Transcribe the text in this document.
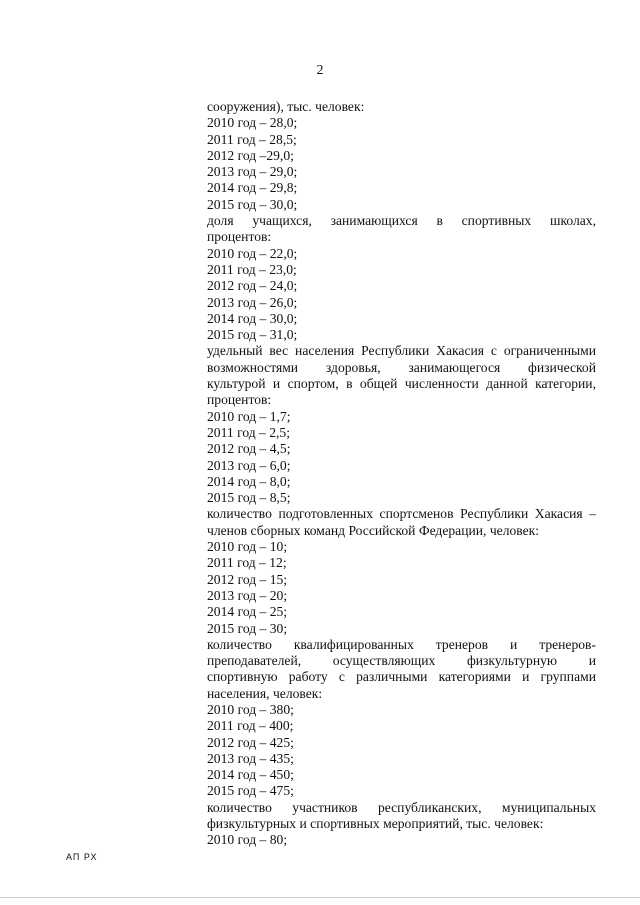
2
сооружения), тыс. человек:
2010 год – 28,0;
2011 год – 28,5;
2012 год –29,0;
2013 год – 29,0;
2014 год – 29,8;
2015 год – 30,0;
доля учащихся, занимающихся в спортивных школах,
процентов:
2010 год – 22,0;
2011 год – 23,0;
2012 год – 24,0;
2013 год – 26,0;
2014 год – 30,0;
2015 год – 31,0;
удельный вес населения Республики Хакасия с ограниченными
возможностями здоровья, занимающегося физической
культурой и спортом, в общей численности данной категории,
процентов:
2010 год – 1,7;
2011 год – 2,5;
2012 год – 4,5;
2013 год – 6,0;
2014 год – 8,0;
2015 год – 8,5;
количество подготовленных спортсменов Республики Хакасия –
членов сборных команд Российской Федерации, человек:
2010 год – 10;
2011 год – 12;
2012 год – 15;
2013 год – 20;
2014 год – 25;
2015 год – 30;
количество квалифицированных тренеров и тренеров-
преподавателей, осуществляющих физкультурную и
спортивную работу с различными категориями и группами
населения, человек:
2010 год – 380;
2011 год – 400;
2012 год – 425;
2013 год – 435;
2014 год – 450;
2015 год – 475;
количество участников республиканских, муниципальных
физкультурных и спортивных мероприятий, тыс. человек:
2010 год – 80;
АП РХ
